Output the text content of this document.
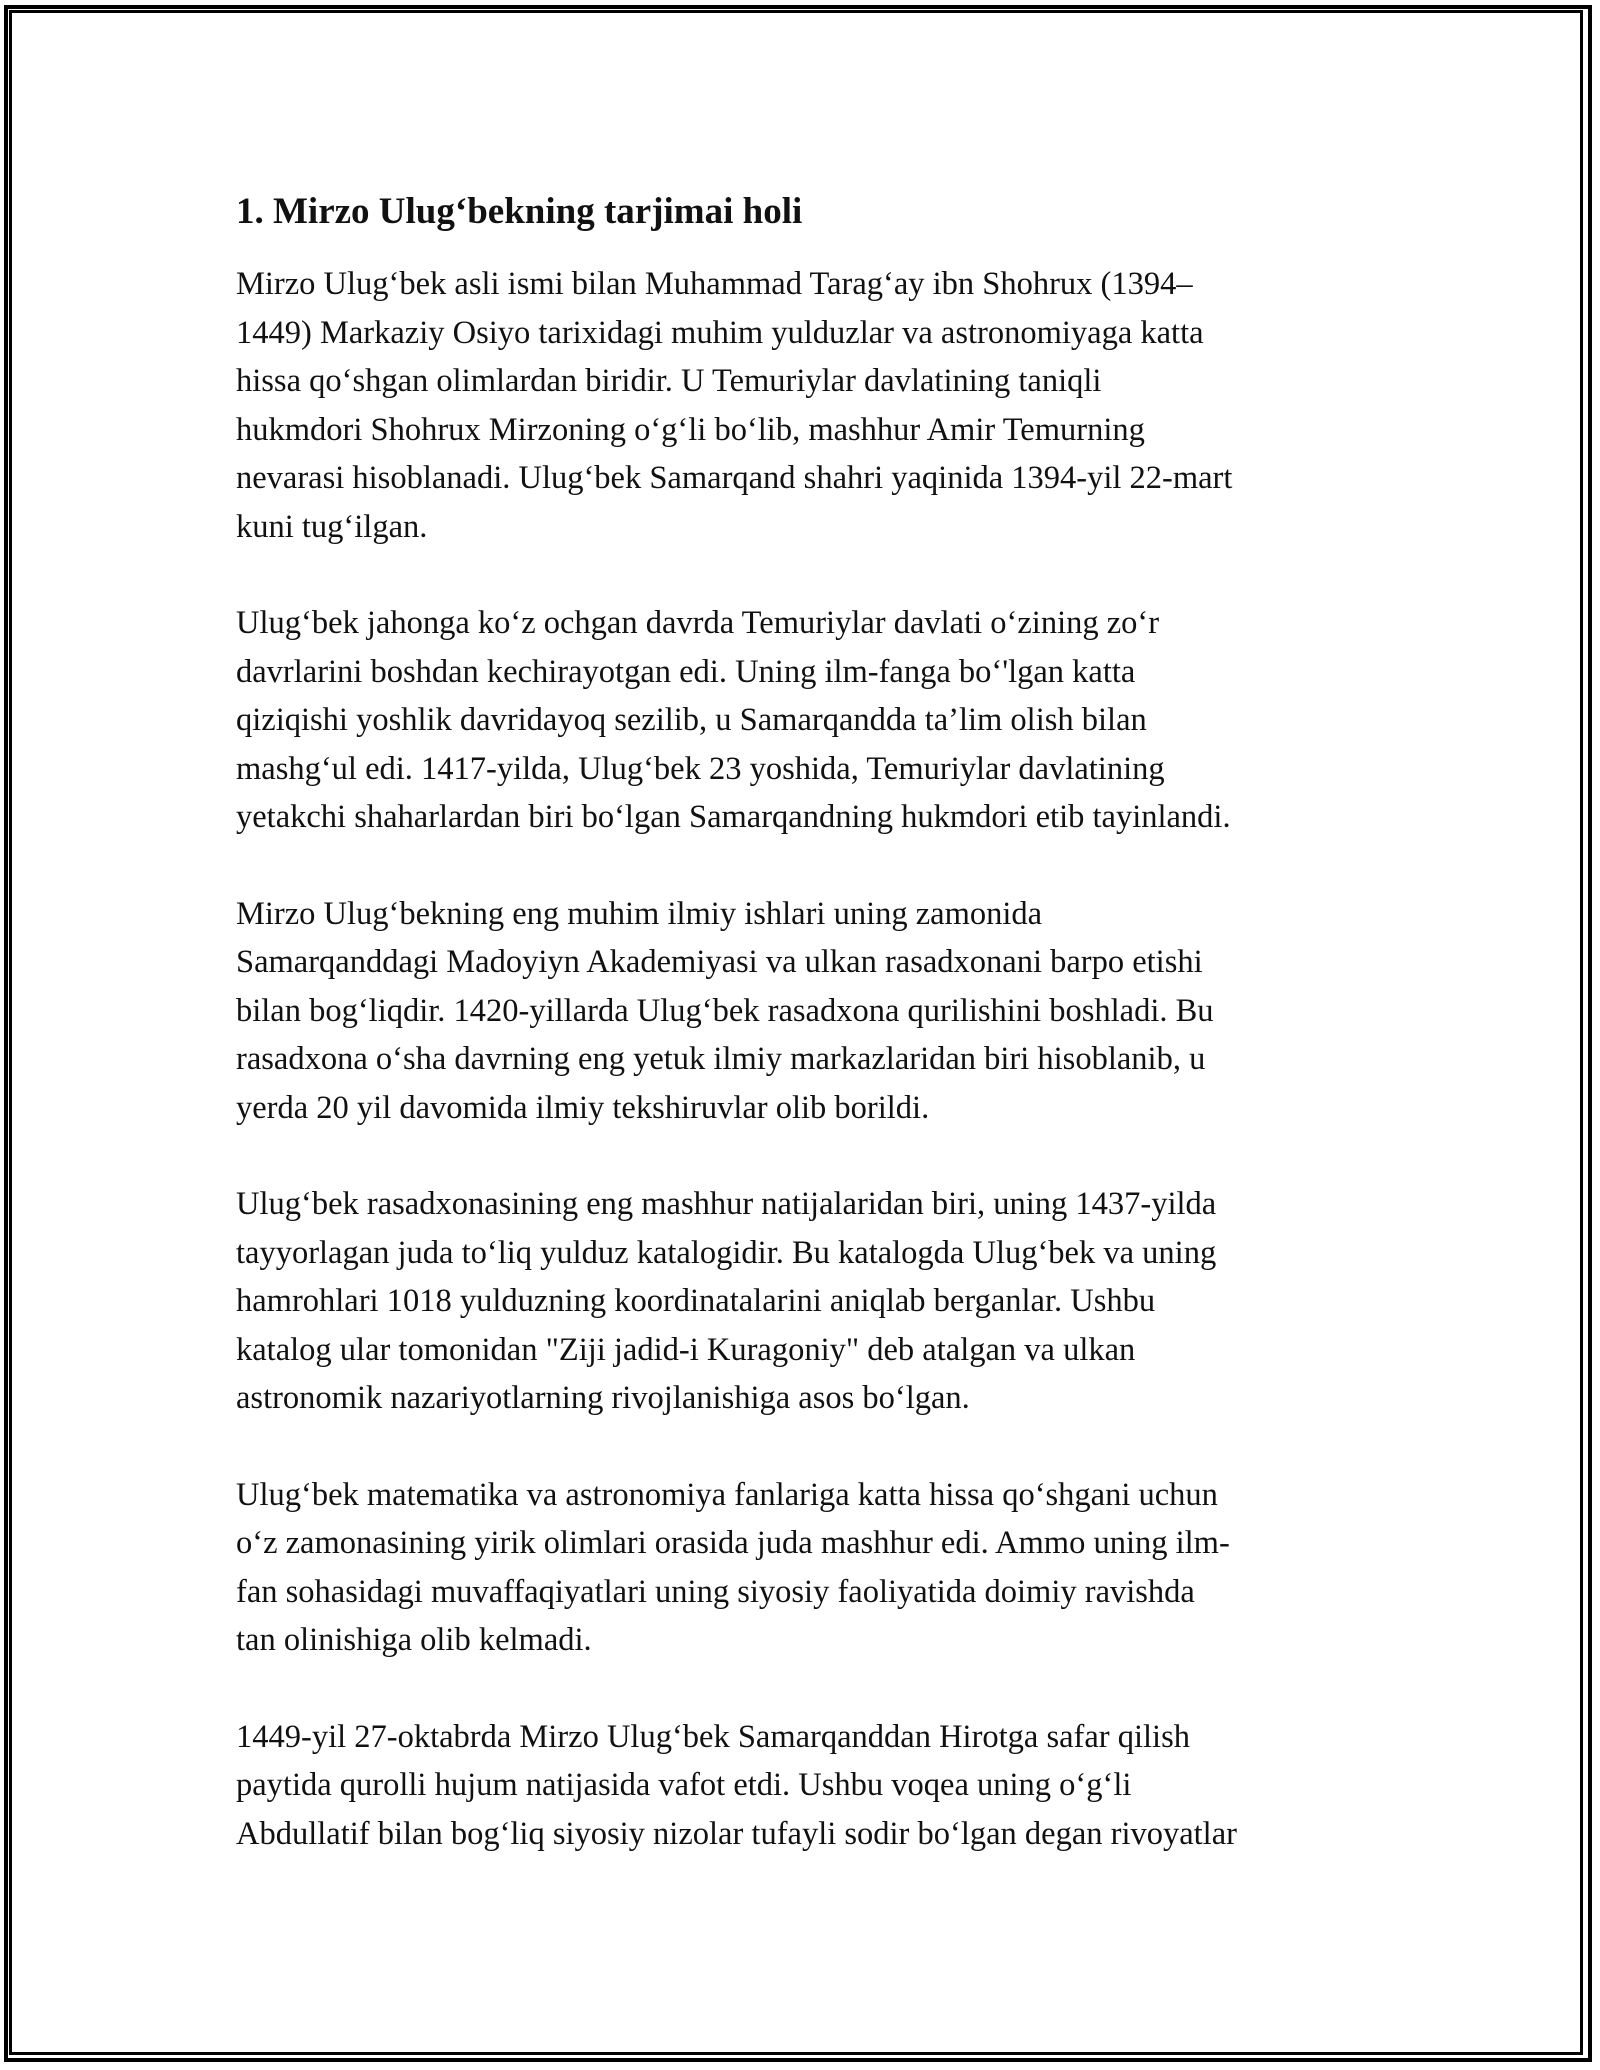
1. Mirzo Ulug‘bekning tarjimai holi

Mirzo Ulug‘bek asli ismi bilan Muhammad Tarag‘ay ibn Shohrux (1394–
1449) Markaziy Osiyo tarixidagi muhim yulduzlar va astronomiyaga katta
hissa qo‘shgan olimlardan biridir. U Temuriylar davlatining taniqli
hukmdori Shohrux Mirzoning o‘g‘li bo‘lib, mashhur Amir Temurning
nevarasi hisoblanadi. Ulug‘bek Samarqand shahri yaqinida 1394-yil 22-mart
kuni tug‘ilgan.

Ulug‘bek jahonga ko‘z ochgan davrda Temuriylar davlati o‘zining zo‘r
davrlarini boshdan kechirayotgan edi. Uning ilm-fanga bo‘'lgan katta
qiziqishi yoshlik davridayoq sezilib, u Samarqandda ta’lim olish bilan
mashg‘ul edi. 1417-yilda, Ulug‘bek 23 yoshida, Temuriylar davlatining
yetakchi shaharlardan biri bo‘lgan Samarqandning hukmdori etib tayinlandi.

Mirzo Ulug‘bekning eng muhim ilmiy ishlari uning zamonida
Samarqanddagi Madoyiyn Akademiyasi va ulkan rasadxonani barpo etishi
bilan bog‘liqdir. 1420-yillarda Ulug‘bek rasadxona qurilishini boshladi. Bu
rasadxona o‘sha davrning eng yetuk ilmiy markazlaridan biri hisoblanib, u
yerda 20 yil davomida ilmiy tekshiruvlar olib borildi.

Ulug‘bek rasadxonasining eng mashhur natijalaridan biri, uning 1437-yilda
tayyorlagan juda to‘liq yulduz katalogidir. Bu katalogda Ulug‘bek va uning
hamrohlari 1018 yulduzning koordinatalarini aniqlab berganlar. Ushbu
katalog ular tomonidan "Ziji jadid-i Kuragoniy" deb atalgan va ulkan
astronomik nazariyotlarning rivojlanishiga asos bo‘lgan.

Ulug‘bek matematika va astronomiya fanlariga katta hissa qo‘shgani uchun
o‘z zamonasining yirik olimlari orasida juda mashhur edi. Ammo uning ilm-
fan sohasidagi muvaffaqiyatlari uning siyosiy faoliyatida doimiy ravishda
tan olinishiga olib kelmadi.

1449-yil 27-oktabrda Mirzo Ulug‘bek Samarqanddan Hirotga safar qilish
paytida qurolli hujum natijasida vafot etdi. Ushbu voqea uning o‘g‘li
Abdullatif bilan bog‘liq siyosiy nizolar tufayli sodir bo‘lgan degan rivoyatlar
